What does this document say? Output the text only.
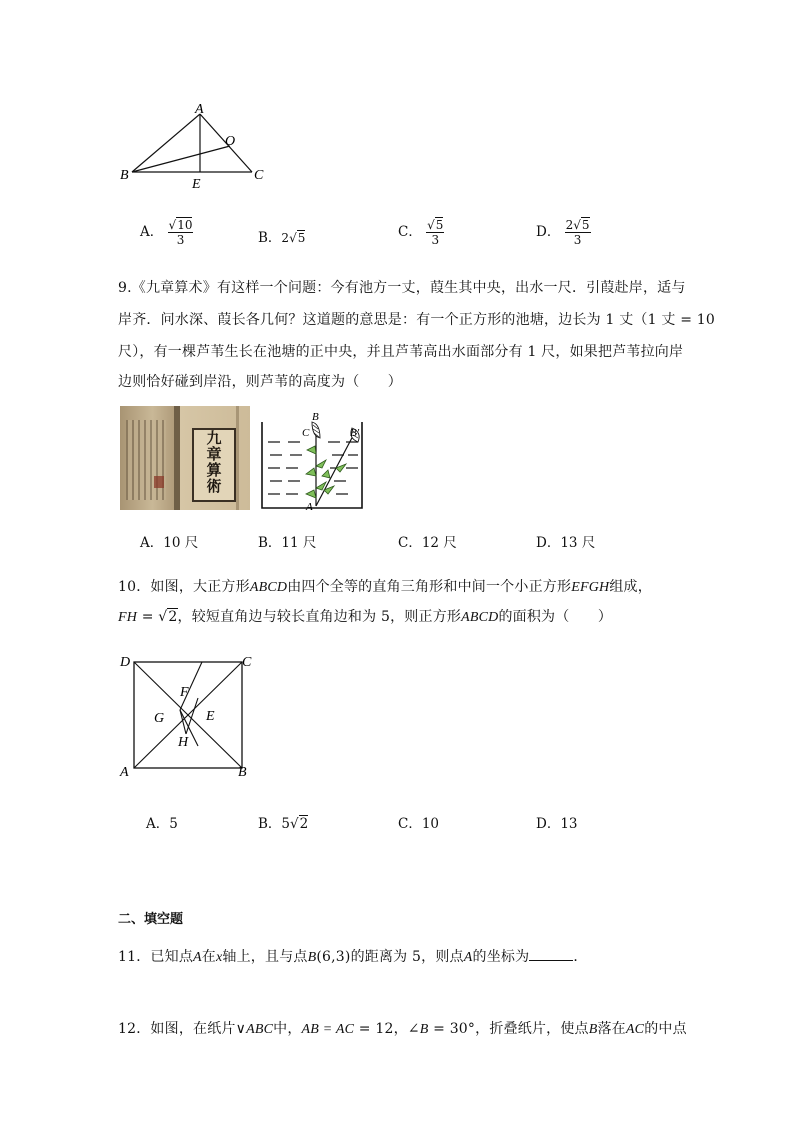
A
O
B
E
C
A． $\frac{√10}{3}$	B．2√5	C． $\frac{√5}{3}$	D． $\frac{2√5}{3}$
9.《九章算术》有这样一个问题：今有池方一丈，葭生其中央，出水一尺．引葭赴岸，适与
岸齐．问水深、葭长各几何？这道题的意思是：有一个正方形的池塘，边长为 1 丈（1 丈 = 10
尺），有一棵芦苇生长在池塘的正中央，并且芦苇高出水面部分有 1 尺，如果把芦苇拉向岸
边则恰好碰到岸沿，则芦苇的高度为（　　）
九
章
算
術
B
C	B′
A
A．10 尺	B．11 尺	C．12 尺	D．13 尺
10．如图，大正方形ABCD由四个全等的直角三角形和中间一个小正方形EFGH组成，
FH = √2，较短直角边与较长直角边和为 5，则正方形ABCD的面积为（　　）
D	C
F
G	E
H
A	B
A．5	B．5√2	C．10	D．13
二、填空题
11．已知点A在x轴上，且与点B(6,3)的距离为 5，则点A的坐标为	．
12．如图，在纸片∨ABC中，AB = AC = 12，∠B = 30°，折叠纸片，使点B落在AC的中点
